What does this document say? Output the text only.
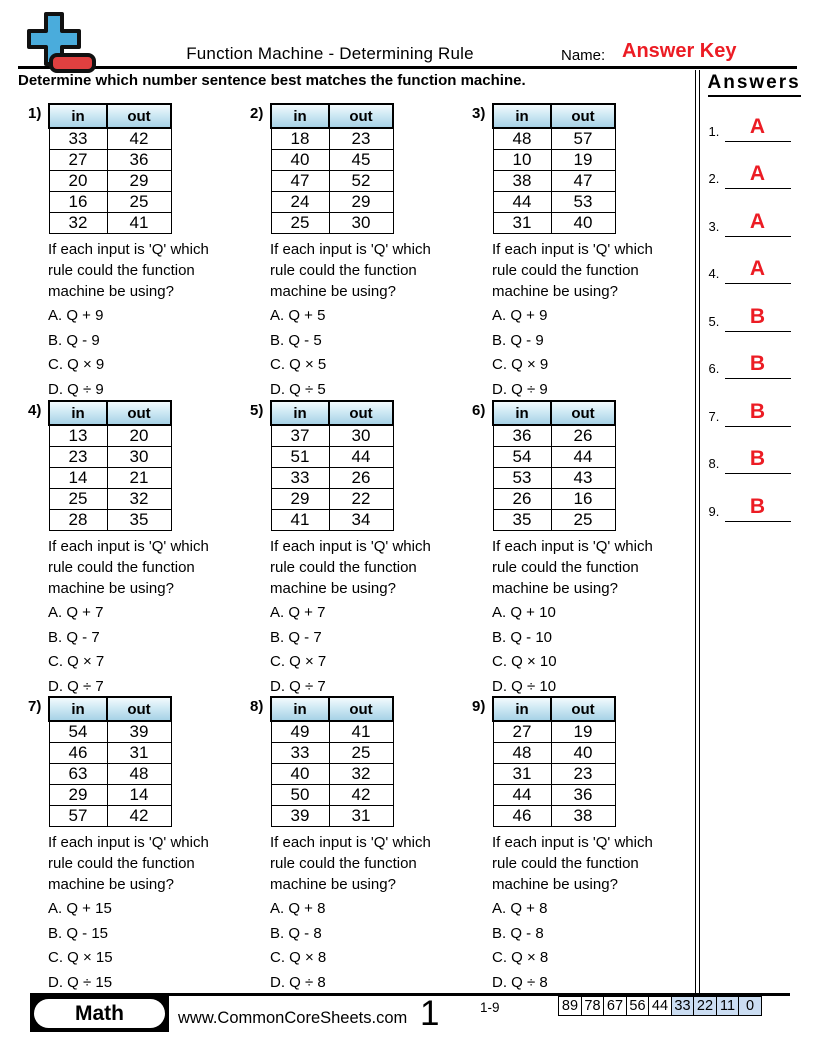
Function Machine - Determining Rule	Name: Answer Key
Determine which number sentence best matches the function machine.	Answers
1.	A
2.	A
3.	A
4.	A
5.	B
6.	B
7.	B
8.	B
9.	B
1) in	out
33	42
27	36
20	29
16	25
32	41
If each input is 'Q' which rule could the function machine be using?
A. Q + 9
B. Q - 9
C. Q × 9
D. Q ÷ 9
2) in	out
18	23
40	45
47	52
24	29
25	30
If each input is 'Q' which rule could the function machine be using?
A. Q + 5
B. Q - 5
C. Q × 5
D. Q ÷ 5
3) in	out
48	57
10	19
38	47
44	53
31	40
If each input is 'Q' which rule could the function machine be using?
A. Q + 9
B. Q - 9
C. Q × 9
D. Q ÷ 9
4) in	out
13	20
23	30
14	21
25	32
28	35
If each input is 'Q' which rule could the function machine be using?
A. Q + 7
B. Q - 7
C. Q × 7
D. Q ÷ 7
5) in	out
37	30
51	44
33	26
29	22
41	34
If each input is 'Q' which rule could the function machine be using?
A. Q + 7
B. Q - 7
C. Q × 7
D. Q ÷ 7
6) in	out
36	26
54	44
53	43
26	16
35	25
If each input is 'Q' which rule could the function machine be using?
A. Q + 10
B. Q - 10
C. Q × 10
D. Q ÷ 10
7) in	out
54	39
46	31
63	48
29	14
57	42
If each input is 'Q' which rule could the function machine be using?
A. Q + 15
B. Q - 15
C. Q × 15
D. Q ÷ 15
8) in	out
49	41
33	25
40	32
50	42
39	31
If each input is 'Q' which rule could the function machine be using?
A. Q + 8
B. Q - 8
C. Q × 8
D. Q ÷ 8
9) in	out
27	19
48	40
31	23
44	36
46	38
If each input is 'Q' which rule could the function machine be using?
A. Q + 8
B. Q - 8
C. Q × 8
D. Q ÷ 8
Math	www.CommonCoreSheets.com 1	1-9	89 78 67 56 44 33 22 11 0
